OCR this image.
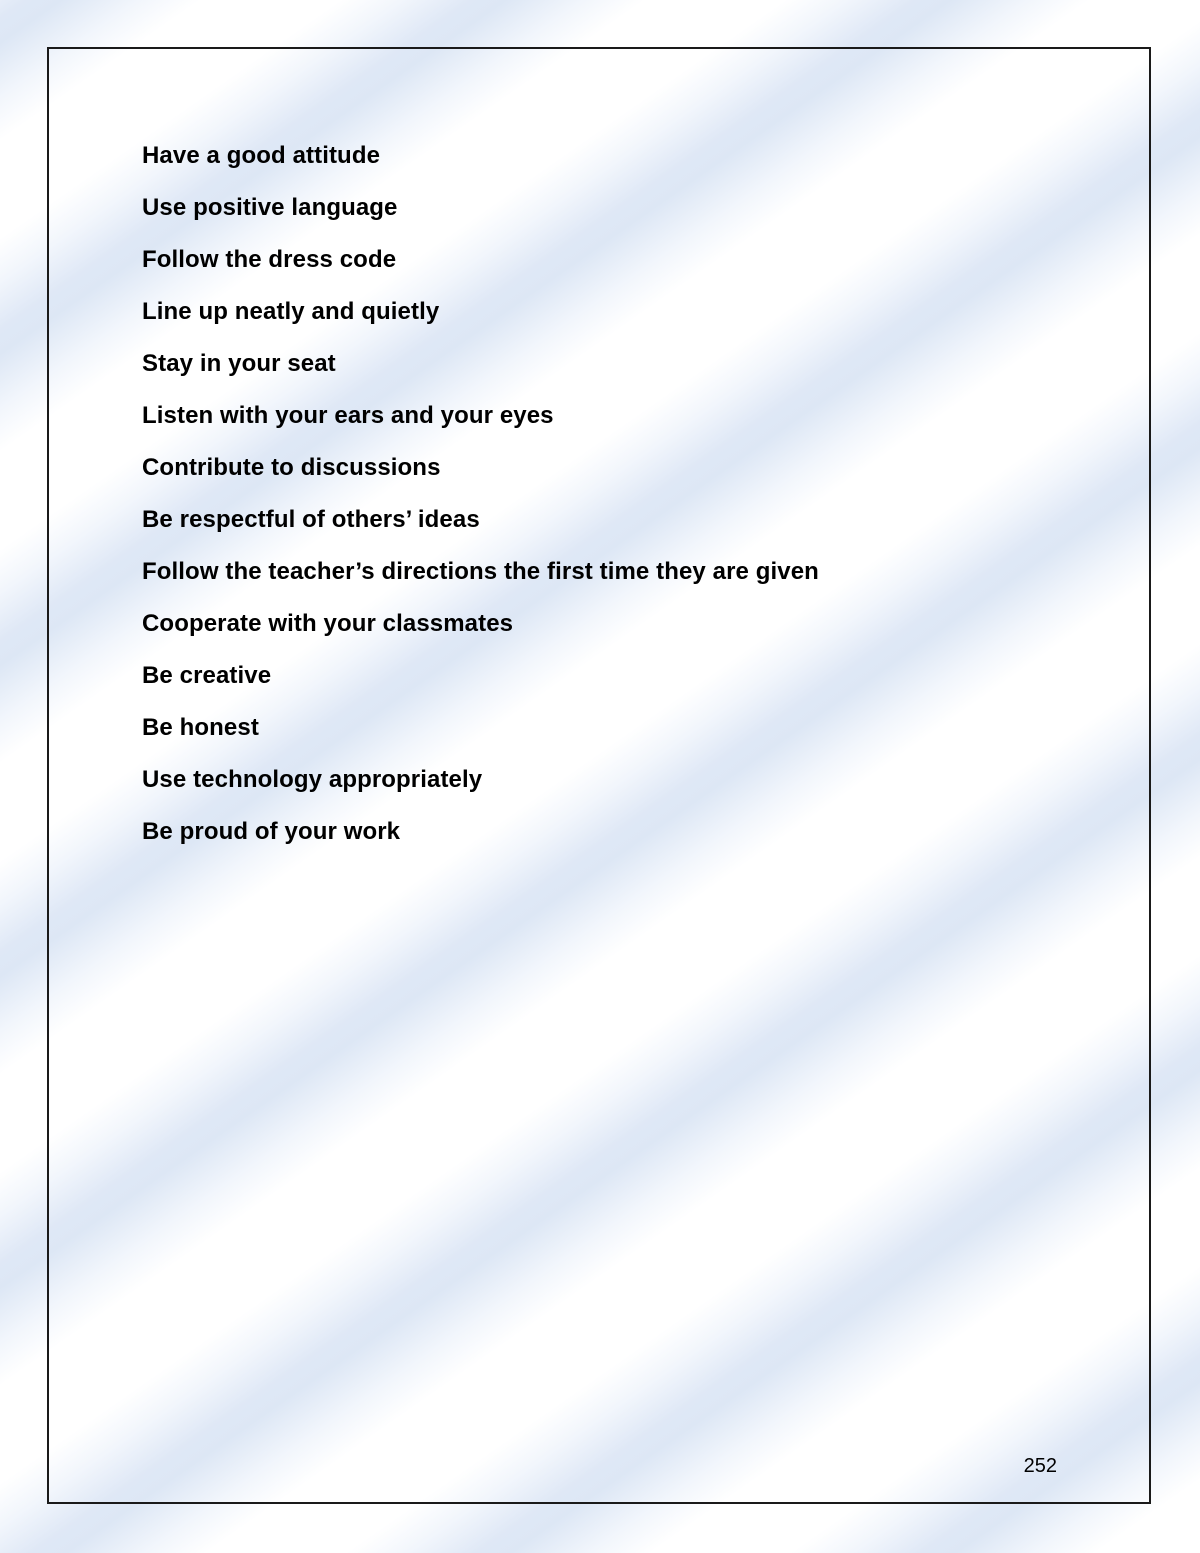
Have a good attitude
Use positive language
Follow the dress code
Line up neatly and quietly
Stay in your seat
Listen with your ears and your eyes
Contribute to discussions
Be respectful of others’ ideas
Follow the teacher’s directions the first time they are given
Cooperate with your classmates
Be creative
Be honest
Use technology appropriately
Be proud of your work
252
